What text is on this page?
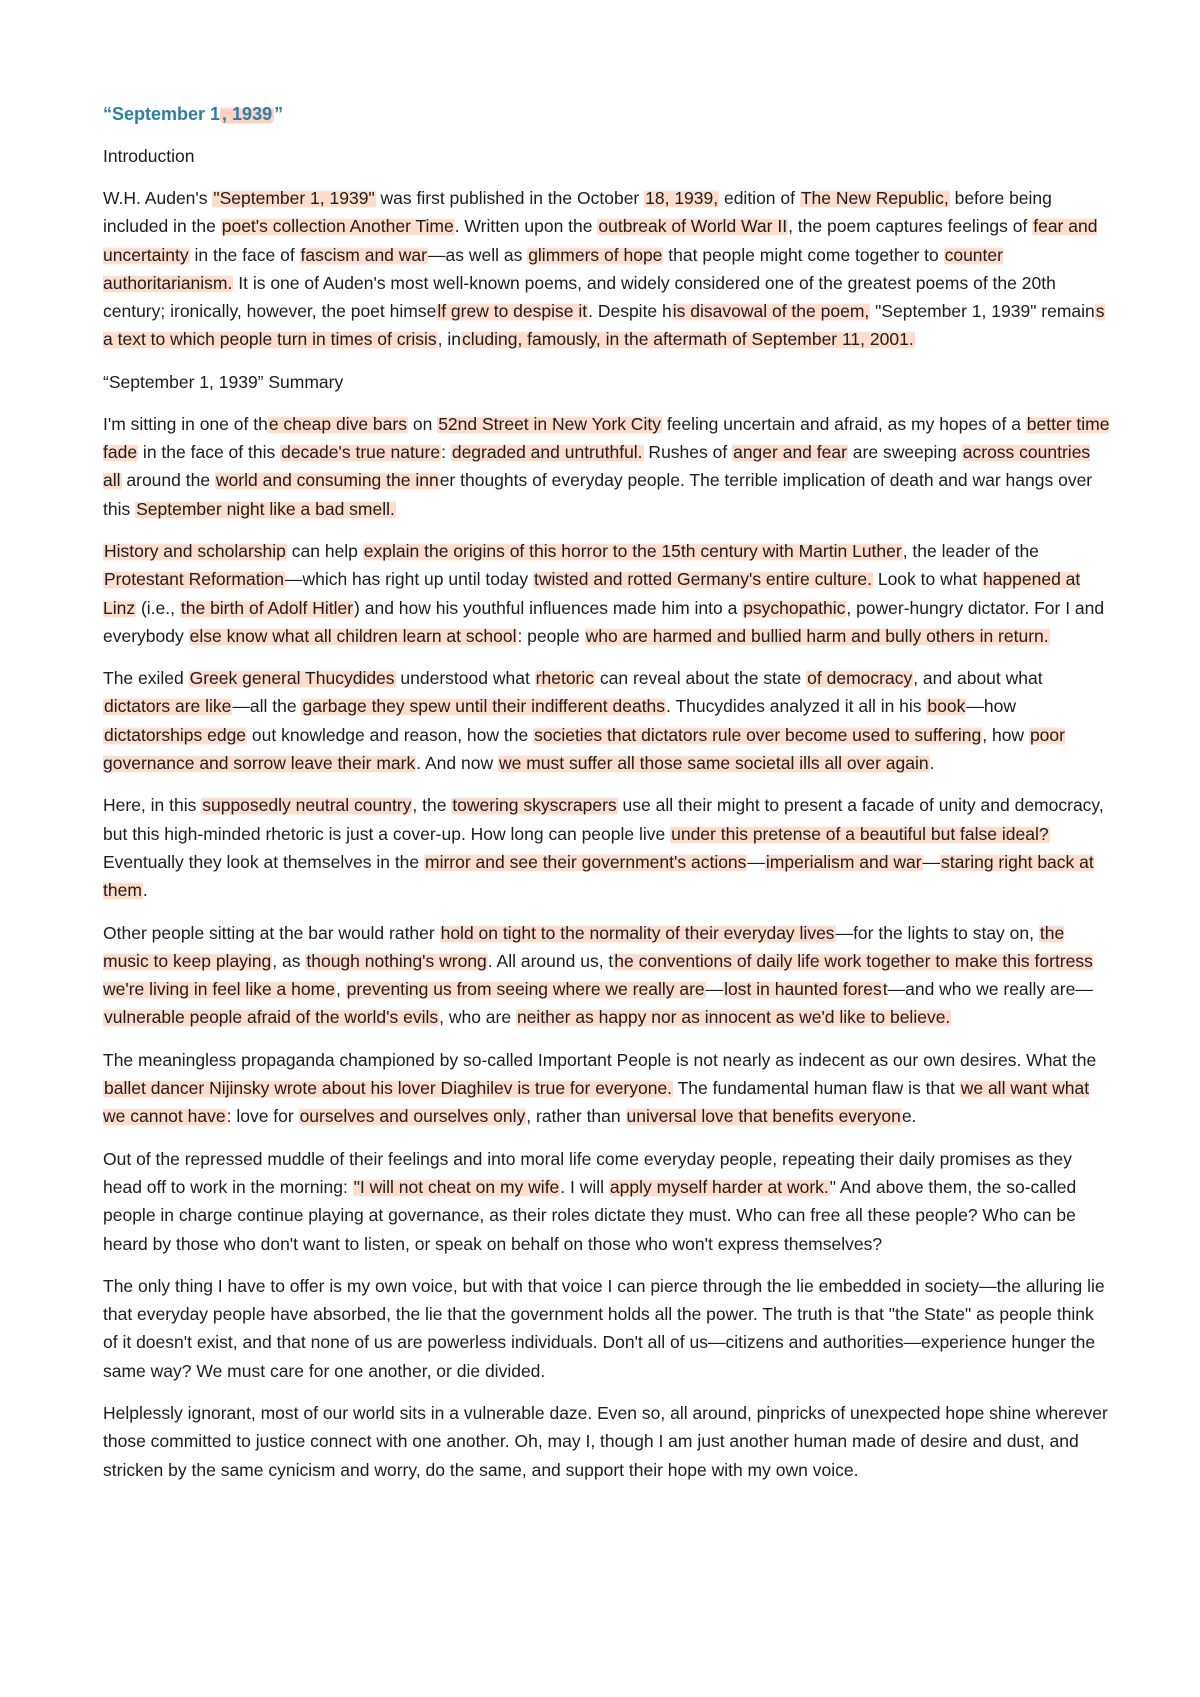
“September 1 , 1939 ”
Introduction

W.H. Auden's "September 1, 1939" was first published in the October 18, 1939, edition of The New Republic, before being included in the poet's collection Another Time. Written upon the outbreak of World War II, the poem captures feelings of fear and uncertainty in the face of fascism and war—as well as glimmers of hope that people might come together to counter authoritarianism. It is one of Auden's most well-known poems, and widely considered one of the greatest poems of the 20th century; ironically, however, the poet himself grew to despise it. Despite his disavowal of the poem, "September 1, 1939" remains a text to which people turn in times of crisis, including, famously, in the aftermath of September 11, 2001.

“September 1, 1939” Summary

I'm sitting in one of the cheap dive bars on 52nd Street in New York City feeling uncertain and afraid, as my hopes of a better time fade in the face of this decade's true nature: degraded and untruthful. Rushes of anger and fear are sweeping across countries all around the world and consuming the inner thoughts of everyday people. The terrible implication of death and war hangs over this September night like a bad smell.

History and scholarship can help explain the origins of this horror to the 15th century with Martin Luther, the leader of the Protestant Reformation—which has right up until today twisted and rotted Germany's entire culture. Look to what happened at Linz (i.e., the birth of Adolf Hitler) and how his youthful influences made him into a psychopathic, power-hungry dictator. For I and everybody else know what all children learn at school: people who are harmed and bullied harm and bully others in return.

The exiled Greek general Thucydides understood what rhetoric can reveal about the state of democracy, and about what dictators are like—all the garbage they spew until their indifferent deaths. Thucydides analyzed it all in his book—how dictatorships edge out knowledge and reason, how the societies that dictators rule over become used to suffering, how poor governance and sorrow leave their mark. And now we must suffer all those same societal ills all over again.

Here, in this supposedly neutral country, the towering skyscrapers use all their might to present a facade of unity and democracy, but this high-minded rhetoric is just a cover-up. How long can people live under this pretense of a beautiful but false ideal? Eventually they look at themselves in the mirror and see their government's actions—imperialism and war—staring right back at them.

Other people sitting at the bar would rather hold on tight to the normality of their everyday lives—for the lights to stay on, the music to keep playing, as though nothing's wrong. All around us, the conventions of daily life work together to make this fortress we're living in feel like a home, preventing us from seeing where we really are—lost in haunted forest—and who we really are—vulnerable people afraid of the world's evils, who are neither as happy nor as innocent as we'd like to believe.

The meaningless propaganda championed by so-called Important People is not nearly as indecent as our own desires. What the ballet dancer Nijinsky wrote about his lover Diaghilev is true for everyone. The fundamental human flaw is that we all want what we cannot have: love for ourselves and ourselves only, rather than universal love that benefits everyone.

Out of the repressed muddle of their feelings and into moral life come everyday people, repeating their daily promises as they head off to work in the morning: "I will not cheat on my wife. I will apply myself harder at work." And above them, the so-called people in charge continue playing at governance, as their roles dictate they must. Who can free all these people? Who can be heard by those who don't want to listen, or speak on behalf on those who won't express themselves?

The only thing I have to offer is my own voice, but with that voice I can pierce through the lie embedded in society—the alluring lie that everyday people have absorbed, the lie that the government holds all the power. The truth is that "the State" as people think of it doesn't exist, and that none of us are powerless individuals. Don't all of us—citizens and authorities—experience hunger the same way? We must care for one another, or die divided.

Helplessly ignorant, most of our world sits in a vulnerable daze. Even so, all around, pinpricks of unexpected hope shine wherever those committed to justice connect with one another. Oh, may I, though I am just another human made of desire and dust, and stricken by the same cynicism and worry, do the same, and support their hope with my own voice.
